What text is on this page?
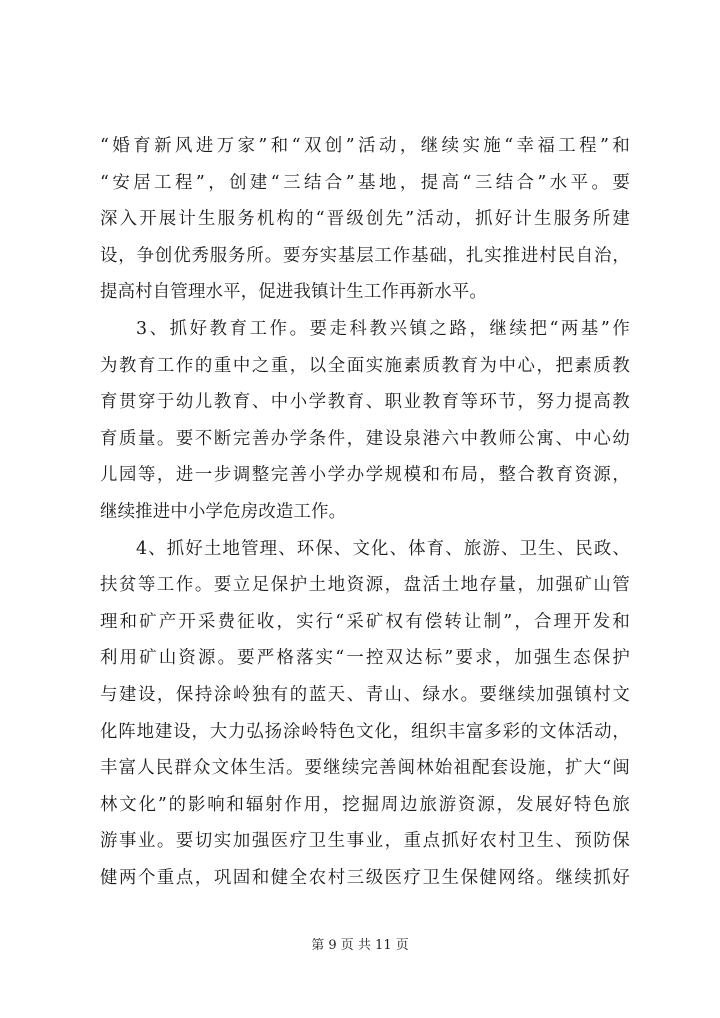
“婚育新风进万家”和“双创”活动，继续实施“幸福工程”和
“安居工程”，创建“三结合”基地，提高“三结合”水平。要
深入开展计生服务机构的“晋级创先”活动，抓好计生服务所建
设，争创优秀服务所。要夯实基层工作基础，扎实推进村民自治，
提高村自管理水平，促进我镇计生工作再新水平。
3、抓好教育工作。要走科教兴镇之路，继续把“两基”作
为教育工作的重中之重，以全面实施素质教育为中心，把素质教
育贯穿于幼儿教育、中小学教育、职业教育等环节，努力提高教
育质量。要不断完善办学条件，建设泉港六中教师公寓、中心幼
儿园等，进一步调整完善小学办学规模和布局，整合教育资源，
继续推进中小学危房改造工作。
4、抓好土地管理、环保、文化、体育、旅游、卫生、民政、
扶贫等工作。要立足保护土地资源，盘活土地存量，加强矿山管
理和矿产开采费征收，实行“采矿权有偿转让制”，合理开发和
利用矿山资源。要严格落实“一控双达标”要求，加强生态保护
与建设，保持涂岭独有的蓝天、青山、绿水。要继续加强镇村文
化阵地建设，大力弘扬涂岭特色文化，组织丰富多彩的文体活动，
丰富人民群众文体生活。要继续完善闽林始祖配套设施，扩大“闽
林文化”的影响和辐射作用，挖掘周边旅游资源，发展好特色旅
游事业。要切实加强医疗卫生事业，重点抓好农村卫生、预防保
健两个重点，巩固和健全农村三级医疗卫生保健网络。继续抓好
第 9 页 共 11 页
